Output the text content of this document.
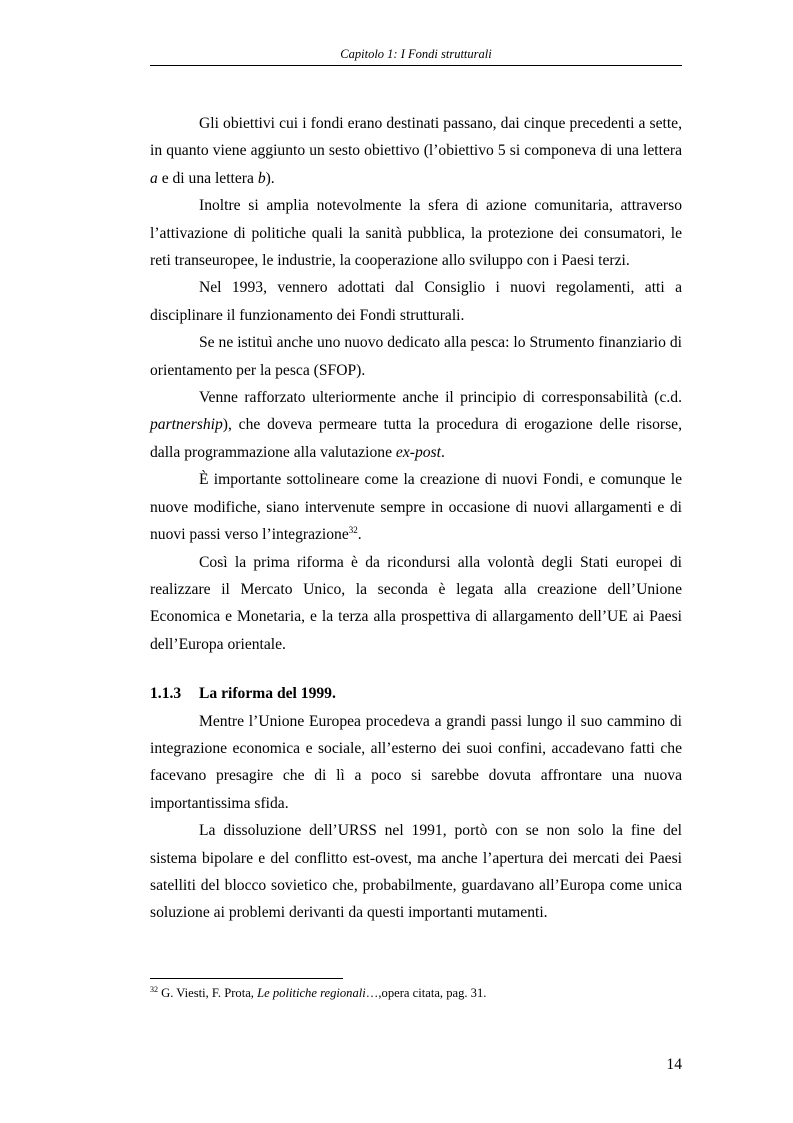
Capitolo 1: I Fondi strutturali

Gli obiettivi cui i fondi erano destinati passano, dai cinque precedenti a sette, in quanto viene aggiunto un sesto obiettivo (l’obiettivo 5 si componeva di una lettera a e di una lettera b).

Inoltre si amplia notevolmente la sfera di azione comunitaria, attraverso l’attivazione di politiche quali la sanità pubblica, la protezione dei consumatori, le reti transeuropee, le industrie, la cooperazione allo sviluppo con i Paesi terzi.

Nel 1993, vennero adottati dal Consiglio i nuovi regolamenti, atti a disciplinare il funzionamento dei Fondi strutturali.

Se ne istituì anche uno nuovo dedicato alla pesca: lo Strumento finanziario di orientamento per la pesca (SFOP).

Venne rafforzato ulteriormente anche il principio di corresponsabilità (c.d. partnership), che doveva permeare tutta la procedura di erogazione delle risorse, dalla programmazione alla valutazione ex-post.

È importante sottolineare come la creazione di nuovi Fondi, e comunque le nuove modifiche, siano intervenute sempre in occasione di nuovi allargamenti e di nuovi passi verso l’integrazione$^{32}$.

Così la prima riforma è da ricondursi alla volontà degli Stati europei di realizzare il Mercato Unico, la seconda è legata alla creazione dell’Unione Economica e Monetaria, e la terza alla prospettiva di allargamento dell’UE ai Paesi dell’Europa orientale.

1.1.3 La riforma del 1999.

Mentre l’Unione Europea procedeva a grandi passi lungo il suo cammino di integrazione economica e sociale, all’esterno dei suoi confini, accadevano fatti che facevano presagire che di lì a poco si sarebbe dovuta affrontare una nuova importantissima sfida.

La dissoluzione dell’URSS nel 1991, portò con se non solo la fine del sistema bipolare e del conflitto est-ovest, ma anche l’apertura dei mercati dei Paesi satelliti del blocco sovietico che, probabilmente, guardavano all’Europa come unica soluzione ai problemi derivanti da questi importanti mutamenti.

$^{32}$ G. Viesti, F. Prota, Le politiche regionali…,opera citata, pag. 31.
14
